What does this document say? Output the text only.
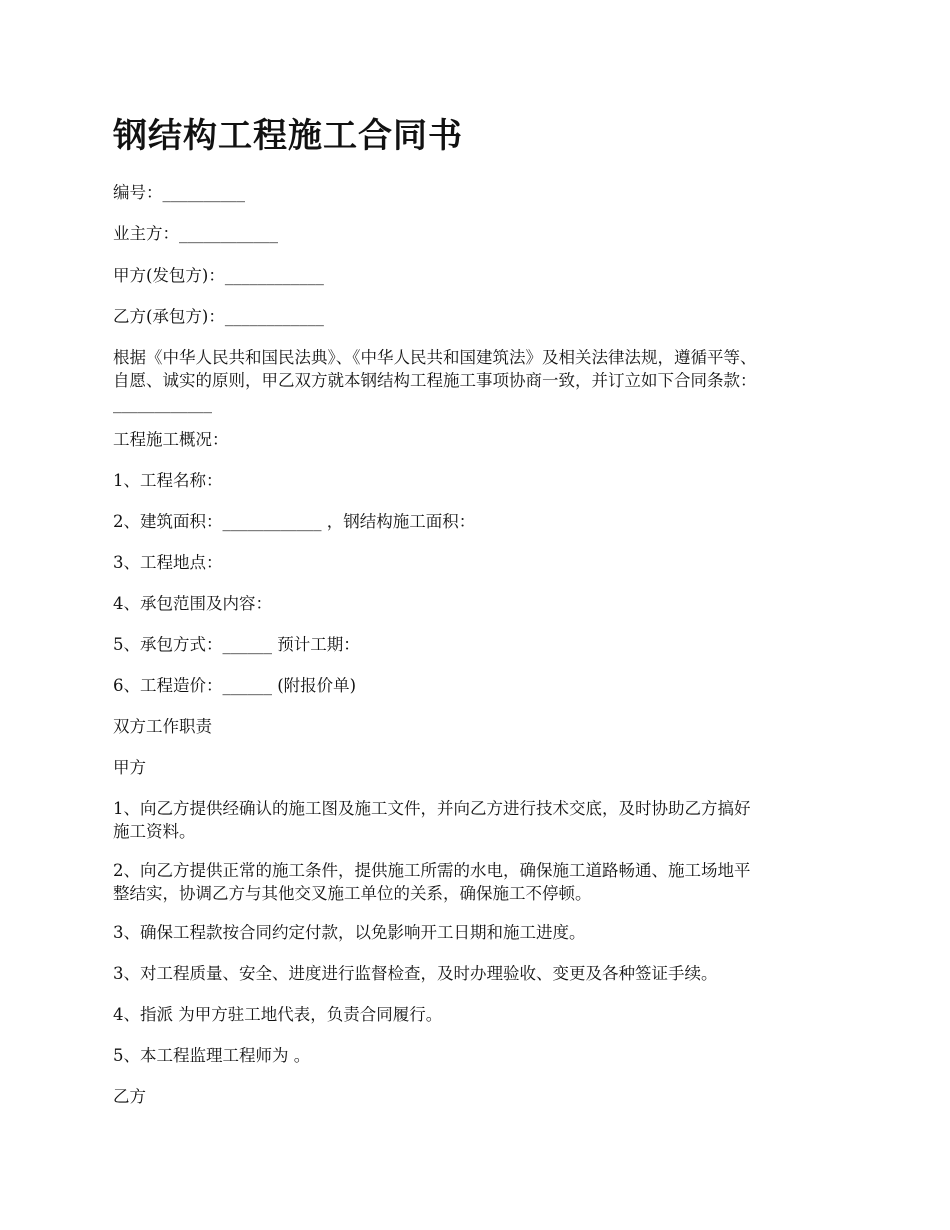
钢结构工程施工合同书

编号：__________

业主方：____________

甲方(发包方)：____________

乙方(承包方)：____________

根据《中华人民共和国民法典》、《中华人民共和国建筑法》及相关法律法规，遵循平等、
自愿、诚实的原则，甲乙双方就本钢结构工程施工事项协商一致，并订立如下合同条款：
____________

工程施工概况：

1、工程名称：

2、建筑面积：____________ ，钢结构施工面积：

3、工程地点：

4、承包范围及内容：

5、承包方式：______ 预计工期：

6、工程造价：______ (附报价单)

双方工作职责

甲方

1、向乙方提供经确认的施工图及施工文件，并向乙方进行技术交底，及时协助乙方搞好
施工资料。
2、向乙方提供正常的施工条件，提供施工所需的水电，确保施工道路畅通、施工场地平
整结实，协调乙方与其他交叉施工单位的关系，确保施工不停顿。

3、确保工程款按合同约定付款，以免影响开工日期和施工进度。

3、对工程质量、安全、进度进行监督检查，及时办理验收、变更及各种签证手续。

4、指派 为甲方驻工地代表，负责合同履行。

5、本工程监理工程师为 。

乙方
